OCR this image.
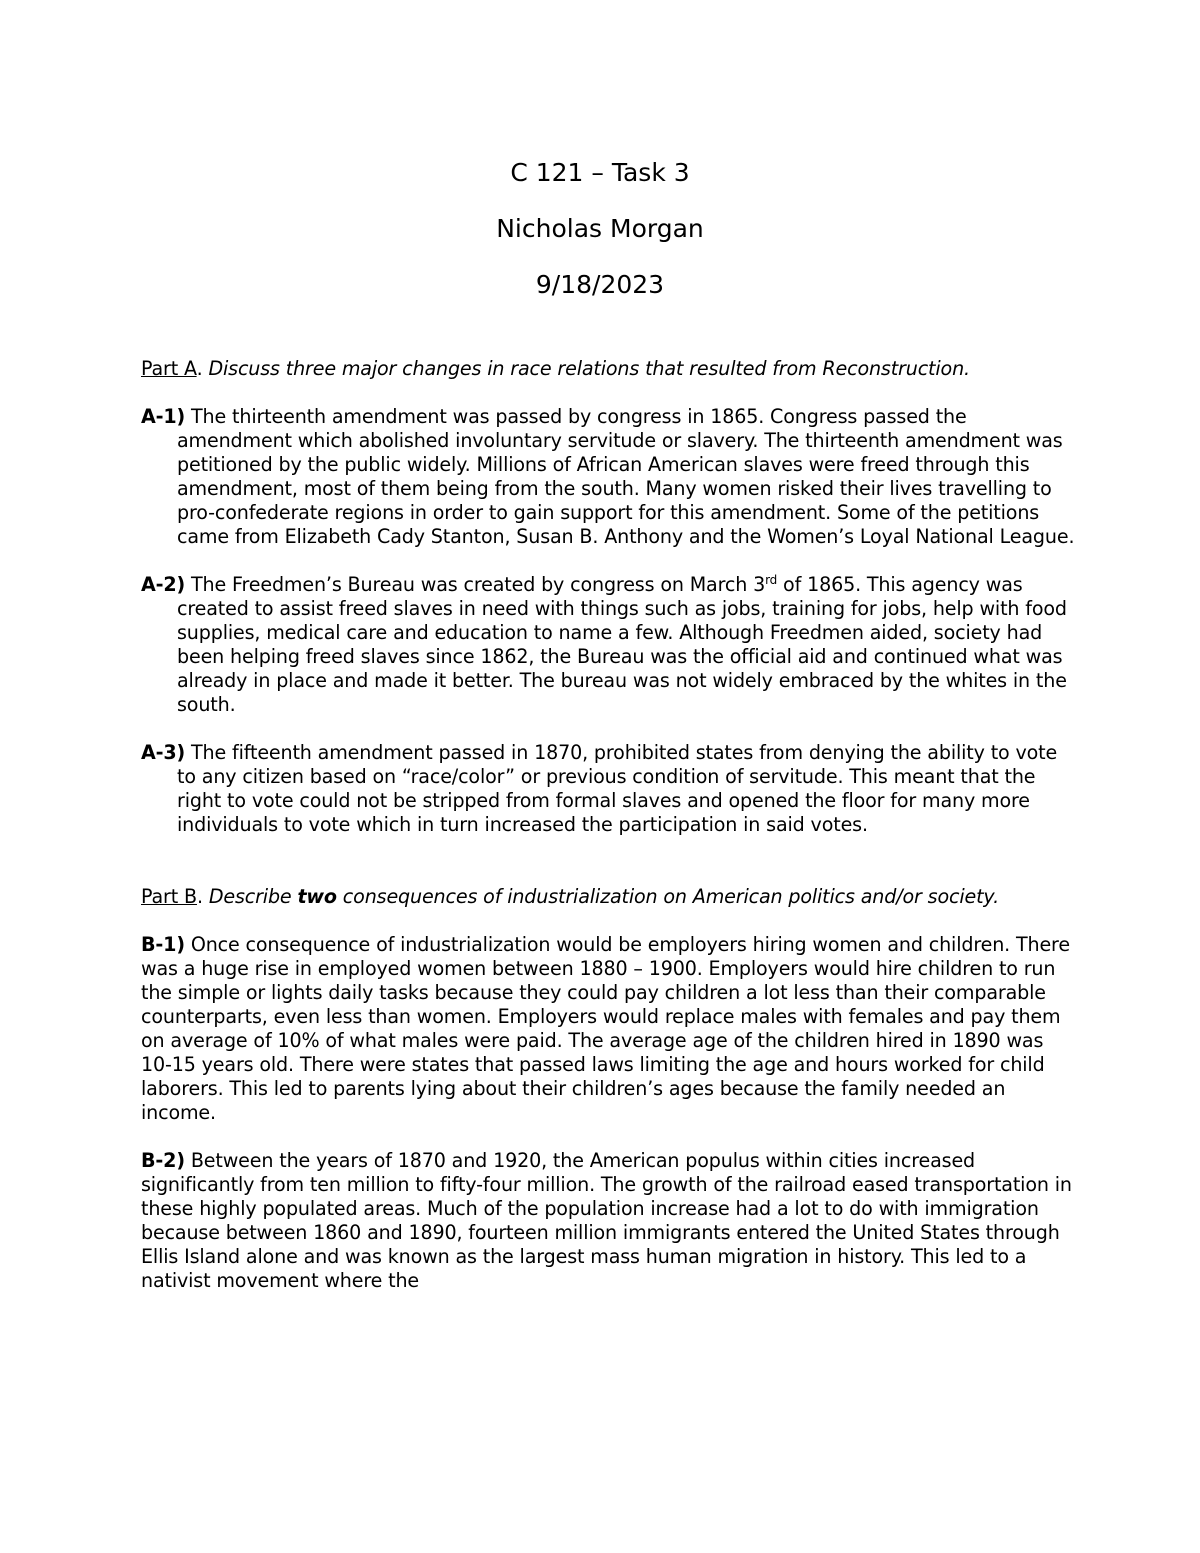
C 121 – Task 3
Nicholas Morgan
9/18/2023

Part A. Discuss three major changes in race relations that resulted from Reconstruction.

A-1) The thirteenth amendment was passed by congress in 1865. Congress passed the amendment which abolished involuntary servitude or slavery. The thirteenth amendment was petitioned by the public widely. Millions of African American slaves were freed through this amendment, most of them being from the south. Many women risked their lives travelling to pro-confederate regions in order to gain support for this amendment. Some of the petitions came from Elizabeth Cady Stanton, Susan B. Anthony and the Women’s Loyal National League.

A-2) The Freedmen’s Bureau was created by congress on March 3rd of 1865. This agency was created to assist freed slaves in need with things such as jobs, training for jobs, help with food supplies, medical care and education to name a few. Although Freedmen aided, society had been helping freed slaves since 1862, the Bureau was the official aid and continued what was already in place and made it better. The bureau was not widely embraced by the whites in the south.

A-3) The fifteenth amendment passed in 1870, prohibited states from denying the ability to vote to any citizen based on “race/color” or previous condition of servitude. This meant that the right to vote could not be stripped from formal slaves and opened the floor for many more individuals to vote which in turn increased the participation in said votes.

Part B. Describe two consequences of industrialization on American politics and/or society.

B-1) Once consequence of industrialization would be employers hiring women and children. There was a huge rise in employed women between 1880 – 1900. Employers would hire children to run the simple or lights daily tasks because they could pay children a lot less than their comparable counterparts, even less than women. Employers would replace males with females and pay them on average of 10% of what males were paid. The average age of the children hired in 1890 was 10-15 years old. There were states that passed laws limiting the age and hours worked for child laborers. This led to parents lying about their children’s ages because the family needed an income.

B-2) Between the years of 1870 and 1920, the American populus within cities increased significantly from ten million to fifty-four million. The growth of the railroad eased transportation in these highly populated areas. Much of the population increase had a lot to do with immigration because between 1860 and 1890, fourteen million immigrants entered the United States through Ellis Island alone and was known as the largest mass human migration in history. This led to a nativist movement where the
